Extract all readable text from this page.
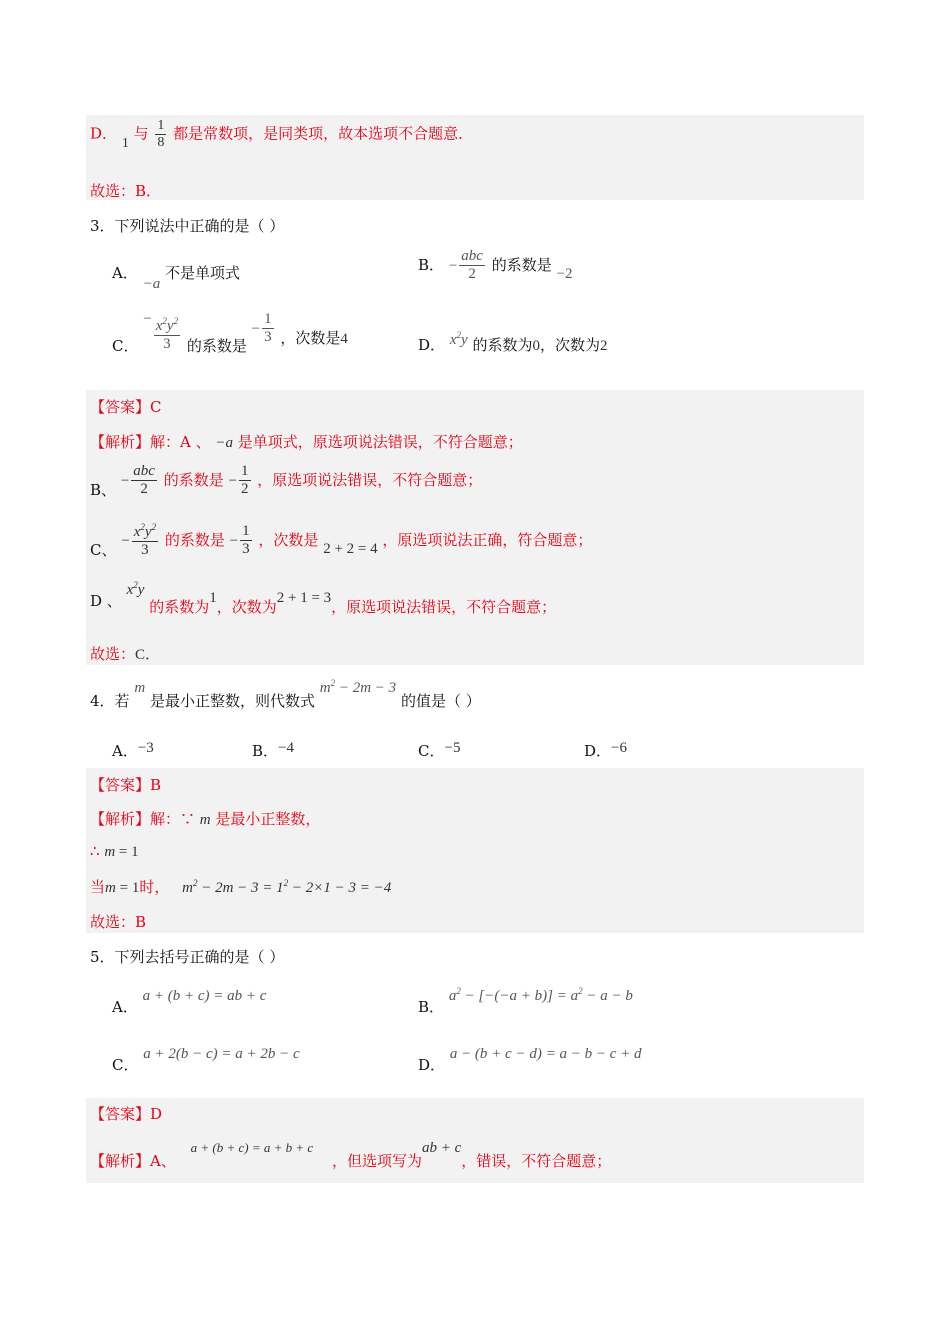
D． 1 与 $\frac{1}{8}$ 都是常数项，是同类项，故本选项不合题意．
故选：B．
3．下列说法中正确的是（ ）
A． −a 不是单项式	B． − $\frac{\text{abc}}{2}$ 的系数是 −2
C． − $\frac{x^2y^2}{3}$ 的系数是 − $\frac{1}{3}$ ，次数是4	D． $x^2y$ 的系数为0，次数为2
【答案】C
【解析】解：A 、 −a 是单项式，原选项说法错误，不符合题意；
B、 − $\frac{\text{abc}}{2}$ 的系数是 − $\frac{1}{2}$ ，原选项说法错误，不符合题意；
C、 − $\frac{x^2y^2}{3}$ 的系数是 − $\frac{1}{3}$ ，次数是 2 + 2 = 4 ，原选项说法正确，符合题意；
D 、 $x^2y$ 的系数为1，次数为2 + 1 = 3，原选项说法错误，不符合题意；
故选：C．
4．若 m 是最小正整数，则代数式 $m^2 - 2m - 3$ 的值是（ ）
A．−3	B．−4	C．−5	D．−6
【答案】B
【解析】解：∵ m 是最小正整数，
∴ m = 1
当m = 1时， $m^2 - 2m - 3 = 1^2 - 2\times 1 - 3 = -4$
故选：B
5．下列去括号正确的是（ ）
A． a + (b + c) = ab + c
B． $a^2 - [-(-a + b)] = a^2 - a - b$
C． a + 2(b − c) = a + 2b − c
D． a − (b + c − d) = a − b − c + d
【答案】D
【解析】A、 a + (b + c) = a + b + c ，但选项写为ab + c，错误，不符合题意；
